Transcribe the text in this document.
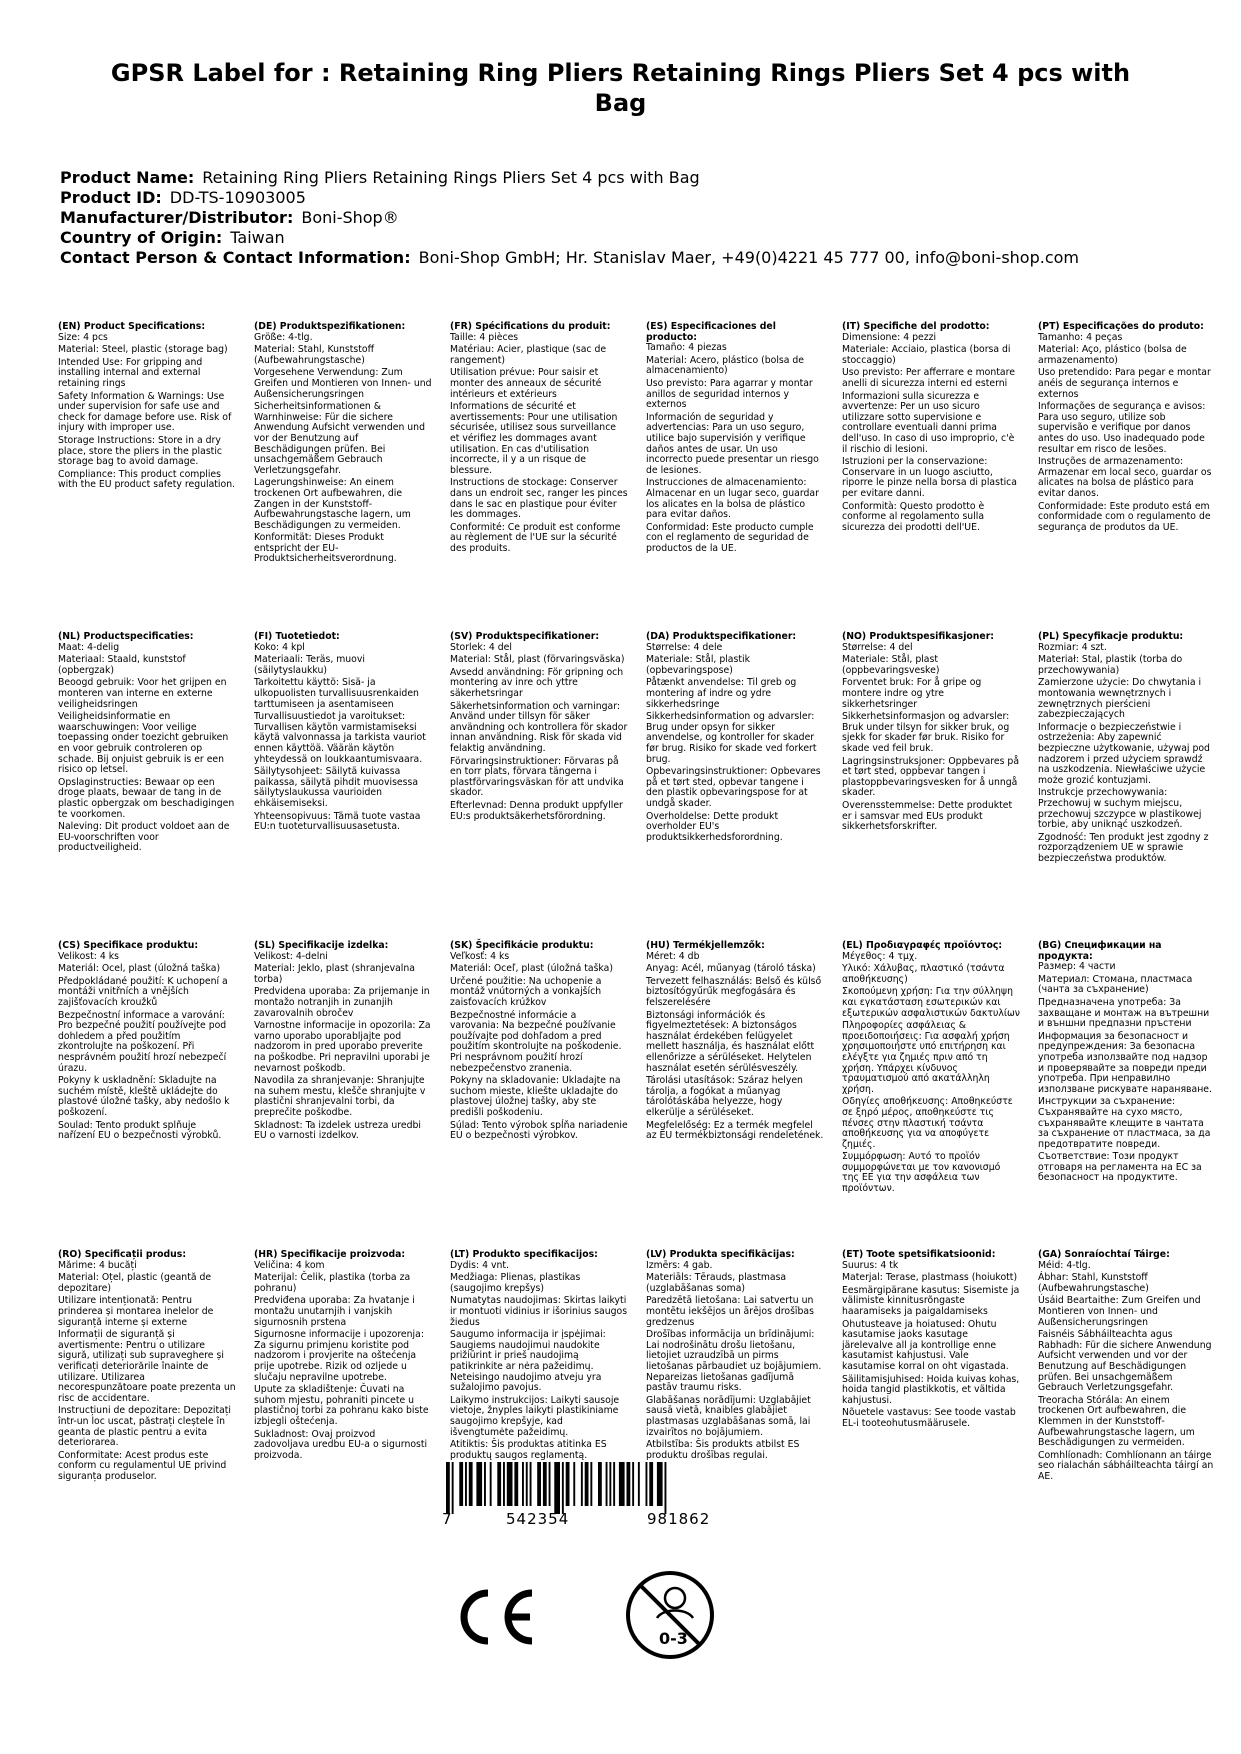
GPSR Label for : Retaining Ring Pliers Retaining Rings Pliers Set 4 pcs with Bag
Product Name: Retaining Ring Pliers Retaining Rings Pliers Set 4 pcs with Bag
Product ID: DD-TS-10903005
Manufacturer/Distributor: Boni-Shop®
Country of Origin: Taiwan
Contact Person & Contact Information: Boni-Shop GmbH; Hr. Stanislav Maer, +49(0)4221 45 777 00, info@boni-shop.com
(EN) Product Specifications:
Size: 4 pcs
Material: Steel, plastic (storage bag)
Intended Use: For gripping and installing internal and external retaining rings
Safety Information & Warnings: Use under supervision for safe use and check for damage before use. Risk of injury with improper use.
Storage Instructions: Store in a dry place, store the pliers in the plastic storage bag to avoid damage.
Compliance: This product complies with the EU product safety regulation.
(DE) Produktspezifikationen:
Größe: 4-tlg.
Material: Stahl, Kunststoff (Aufbewahrungstasche)
Vorgesehene Verwendung: Zum Greifen und Montieren von Innen- und Außensicherungsringen
Sicherheitsinformationen & Warnhinweise: Für die sichere Anwendung Aufsicht verwenden und vor der Benutzung auf Beschädigungen prüfen. Bei unsachgemäßem Gebrauch Verletzungsgefahr.
Lagerungshinweise: An einem trockenen Ort aufbewahren, die Zangen in der Kunststoff-Aufbewahrungstasche lagern, um Beschädigungen zu vermeiden.
Konformität: Dieses Produkt entspricht der EU-Produktsicherheitsverordnung.
(FR) Spécifications du produit:
Taille: 4 pièces
Matériau: Acier, plastique (sac de rangement)
Utilisation prévue: Pour saisir et monter des anneaux de sécurité intérieurs et extérieurs
Informations de sécurité et avertissements: Pour une utilisation sécurisée, utilisez sous surveillance et vérifiez les dommages avant utilisation. En cas d'utilisation incorrecte, il y a un risque de blessure.
Instructions de stockage: Conserver dans un endroit sec, ranger les pinces dans le sac en plastique pour éviter les dommages.
Conformité: Ce produit est conforme au règlement de l'UE sur la sécurité des produits.
(ES) Especificaciones del producto:
Tamaño: 4 piezas
Material: Acero, plástico (bolsa de almacenamiento)
Uso previsto: Para agarrar y montar anillos de seguridad internos y externos
Información de seguridad y advertencias: Para un uso seguro, utilice bajo supervisión y verifique daños antes de usar. Un uso incorrecto puede presentar un riesgo de lesiones.
Instrucciones de almacenamiento: Almacenar en un lugar seco, guardar los alicates en la bolsa de plástico para evitar daños.
Conformidad: Este producto cumple con el reglamento de seguridad de productos de la UE.
(IT) Specifiche del prodotto:
Dimensione: 4 pezzi
Materiale: Acciaio, plastica (borsa di stoccaggio)
Uso previsto: Per afferrare e montare anelli di sicurezza interni ed esterni
Informazioni sulla sicurezza e avvertenze: Per un uso sicuro utilizzare sotto supervisione e controllare eventuali danni prima dell'uso. In caso di uso improprio, c'è il rischio di lesioni.
Istruzioni per la conservazione: Conservare in un luogo asciutto, riporre le pinze nella borsa di plastica per evitare danni.
Conformità: Questo prodotto è conforme al regolamento sulla sicurezza dei prodotti dell'UE.
(PT) Especificações do produto:
Tamanho: 4 peças
Material: Aço, plástico (bolsa de armazenamento)
Uso pretendido: Para pegar e montar anéis de segurança internos e externos
Informações de segurança e avisos: Para uso seguro, utilize sob supervisão e verifique por danos antes do uso. Uso inadequado pode resultar em risco de lesões.
Instruções de armazenamento: Armazenar em local seco, guardar os alicates na bolsa de plástico para evitar danos.
Conformidade: Este produto está em conformidade com o regulamento de segurança de produtos da UE.
(NL) Productspecificaties:
Maat: 4-delig
Materiaal: Staald, kunststof (opbergzak)
Beoogd gebruik: Voor het grijpen en monteren van interne en externe veiligheidsringen
Veiligheidsinformatie en waarschuwingen: Voor veilige toepassing onder toezicht gebruiken en voor gebruik controleren op schade. Bij onjuist gebruik is er een risico op letsel.
Opslaginstructies: Bewaar op een droge plaats, bewaar de tang in de plastic opbergzak om beschadigingen te voorkomen.
Naleving: Dit product voldoet aan de EU-voorschriften voor productveiligheid.
(FI) Tuotetiedot:
Koko: 4 kpl
Materiaali: Teräs, muovi (säilytyslaukku)
Tarkoitettu käyttö: Sisä- ja ulkopuolisten turvallisuusrenkaiden tarttumiseen ja asentamiseen
Turvallisuustiedot ja varoitukset: Turvallisen käytön varmistamiseksi käytä valvonnassa ja tarkista vauriot ennen käyttöä. Väärän käytön yhteydessä on loukkaantumisvaara.
Säilytysohjeet: Säilytä kuivassa paikassa, säilytä pihdit muovisessa säilytyslaukussa vaurioiden ehkäisemiseksi.
Yhteensopivuus: Tämä tuote vastaa EU:n tuoteturvallisuusasetusta.
(SV) Produktspecifikationer:
Storlek: 4 del
Material: Stål, plast (förvaringsväska)
Avsedd användning: För gripning och montering av inre och yttre säkerhetsringar
Säkerhetsinformation och varningar: Använd under tillsyn för säker användning och kontrollera för skador innan användning. Risk för skada vid felaktig användning.
Förvaringsinstruktioner: Förvaras på en torr plats, förvara tängerna i plastförvaringsväskan för att undvika skador.
Efterlevnad: Denna produkt uppfyller EU:s produktsäkerhetsförordning.
(DA) Produktspecifikationer:
Størrelse: 4 dele
Materiale: Stål, plastik (opbevaringspose)
Påtænkt anvendelse: Til greb og montering af indre og ydre sikkerhedsringe
Sikkerhedsinformation og advarsler: Brug under opsyn for sikker anvendelse, og kontroller for skader før brug. Risiko for skade ved forkert brug.
Opbevaringsinstruktioner: Opbevares på et tørt sted, opbevar tangene i den plastik opbevaringspose for at undgå skader.
Overholdelse: Dette produkt overholder EU's produktsikkerhedsforordning.
(NO) Produktspesifikasjoner:
Størrelse: 4 del
Materiale: Stål, plast (oppbevaringsveske)
Forventet bruk: For å gripe og montere indre og ytre sikkerhetsringer
Sikkerhetsinformasjon og advarsler: Bruk under tilsyn for sikker bruk, og sjekk for skader før bruk. Risiko for skade ved feil bruk.
Lagringsinstruksjoner: Oppbevares på et tørt sted, oppbevar tangen i plastoppbevaringsvesken for å unngå skader.
Overensstemmelse: Dette produktet er i samsvar med EUs produkt sikkerhetsforskrifter.
(PL) Specyfikacje produktu:
Rozmiar: 4 szt.
Materiał: Stal, plastik (torba do przechowywania)
Zamierzone użycie: Do chwytania i montowania wewnętrznych i zewnętrznych pierścieni zabezpieczających
Informacje o bezpieczeństwie i ostrzeżenia: Aby zapewnić bezpieczne użytkowanie, używaj pod nadzorem i przed użyciem sprawdź na uszkodzenia. Niewłaściwe użycie może grozić kontuzjami.
Instrukcje przechowywania: Przechowuj w suchym miejscu, przechowuj szczypce w plastikowej torbie, aby uniknąć uszkodzeń.
Zgodność: Ten produkt jest zgodny z rozporządzeniem UE w sprawie bezpieczeństwa produktów.
(CS) Specifikace produktu:
Velikost: 4 ks
Materiál: Ocel, plast (úložná taška)
Předpokládané použití: K uchopení a montáži vnitřních a vnějších zajišťovacích kroužků
Bezpečnostní informace a varování: Pro bezpečné použití používejte pod dohledem a před použitím zkontrolujte na poškození. Při nesprávném použití hrozí nebezpečí úrazu.
Pokyny k uskladnění: Skladujte na suchém místě, kleště ukládejte do plastové úložné tašky, aby nedošlo k poškození.
Soulad: Tento produkt splňuje nařízení EU o bezpečnosti výrobků.
(SL) Specifikacije izdelka:
Velikost: 4-delni
Material: Jeklo, plast (shranjevalna torba)
Predvidena uporaba: Za prijemanje in montažo notranjih in zunanjih zavarovalnih obročev
Varnostne informacije in opozorila: Za varno uporabo uporabljajte pod nadzorom in pred uporabo preverite na poškodbe. Pri nepravilni uporabi je nevarnost poškodb.
Navodila za shranjevanje: Shranjujte na suhem mestu, klešče shranjujte v plastični shranjevalni torbi, da preprečite poškodbe.
Skladnost: Ta izdelek ustreza uredbi EU o varnosti izdelkov.
(SK) Špecifikácie produktu:
Veľkosť: 4 ks
Materiál: Oceľ, plast (úložná taška)
Určené použitie: Na uchopenie a montáž vnútorných a vonkajších zaisťovacích krúžkov
Bezpečnostné informácie a varovania: Na bezpečné používanie používajte pod dohľadom a pred použitím skontrolujte na poškodenie. Pri nesprávnom použití hrozí nebezpečenstvo zranenia.
Pokyny na skladovanie: Ukladajte na suchom mieste, kliešte ukladajte do plastovej úložnej tašky, aby ste predišli poškodeniu.
Súlad: Tento výrobok spĺňa nariadenie EÚ o bezpečnosti výrobkov.
(HU) Termékjellemzők:
Méret: 4 db
Anyag: Acél, műanyag (tároló táska)
Tervezett felhasználás: Belső és külső biztosítógyűrűk megfogására és felszerelésére
Biztonsági információk és figyelmeztetések: A biztonságos használat érdekében felügyelet mellett használja, és használat előtt ellenőrizze a sérüléseket. Helytelen használat esetén sérülésveszély.
Tárolási utasítások: Száraz helyen tárolja, a fogókat a műanyag tárolótáskába helyezze, hogy elkerülje a sérüléseket.
Megfelelőség: Ez a termék megfelel az EU termékbiztonsági rendeletének.
(EL) Προδιαγραφές προϊόντος:
Μέγεθος: 4 τμχ.
Υλικό: Χάλυβας, πλαστικό (τσάντα αποθήκευσης)
Σκοπούμενη χρήση: Για την σύλληψη και εγκατάσταση εσωτερικών και εξωτερικών ασφαλιστικών δακτυλίων
Πληροφορίες ασφάλειας & προειδοποιήσεις: Για ασφαλή χρήση χρησιμοποιήστε υπό επιτήρηση και ελέγξτε για ζημιές πριν από τη χρήση. Υπάρχει κίνδυνος τραυματισμού από ακατάλληλη χρήση.
Οδηγίες αποθήκευσης: Αποθηκεύστε σε ξηρό μέρος, αποθηκεύστε τις πένσες στην πλαστική τσάντα αποθήκευσης για να αποφύγετε ζημιές.
Συμμόρφωση: Αυτό το προϊόν συμμορφώνεται με τον κανονισμό της ΕΕ για την ασφάλεια των προϊόντων.
(BG) Спецификации на продукта:
Размер: 4 части
Материал: Стомана, пластмаса (чанта за съхранение)
Предназначена употреба: За захващане и монтаж на вътрешни и външни предпазни пръстени
Информация за безопасност и предупреждения: За безопасна употреба използвайте под надзор и проверявайте за повреди преди употреба. При неправилно използване рискувате нараняване.
Инструкции за съхранение: Съхранявайте на сухо място, съхранявайте клещите в чантата за съхранение от пластмаса, за да предотвратите повреди.
Съответствие: Този продукт отговаря на регламента на ЕС за безопасност на продуктите.
(RO) Specificații produs:
Mărime: 4 bucăți
Material: Oțel, plastic (geantă de depozitare)
Utilizare intenționată: Pentru prinderea și montarea inelelor de siguranță interne și externe
Informații de siguranță și avertismente: Pentru o utilizare sigură, utilizați sub supraveghere și verificați deteriorările înainte de utilizare. Utilizarea necorespunzătoare poate prezenta un risc de accidentare.
Instrucțiuni de depozitare: Depozitați într-un loc uscat, păstrați cleștele în geanta de plastic pentru a evita deteriorarea.
Conformitate: Acest produs este conform cu regulamentul UE privind siguranța produselor.
(HR) Specifikacije proizvoda:
Veličina: 4 kom
Materijal: Čelik, plastika (torba za pohranu)
Predviđena uporaba: Za hvatanje i montažu unutarnjih i vanjskih sigurnosnih prstena
Sigurnosne informacije i upozorenja: Za sigurnu primjenu koristite pod nadzorom i provjerite na oštećenja prije upotrebe. Rizik od ozljede u slučaju nepravilne upotrebe.
Upute za skladištenje: Čuvati na suhom mjestu, pohraniti pincete u plastičnoj torbi za pohranu kako biste izbjegli oštećenja.
Sukladnost: Ovaj proizvod zadovoljava uredbu EU-a o sigurnosti proizvoda.
(LT) Produkto specifikacijos:
Dydis: 4 vnt.
Medžiaga: Plienas, plastikas (saugojimo krepšys)
Numatytas naudojimas: Skirtas laikyti ir montuoti vidinius ir išorinius saugos žiedus
Saugumo informacija ir įspėjimai: Saugiems naudojimui naudokite prižiūrint ir prieš naudojimą patikrinkite ar nėra pažeidimų. Neteisingo naudojimo atveju yra sužalojimo pavojus.
Laikymo instrukcijos: Laikyti sausoje vietoje, žnyples laikyti plastikiniame saugojimo krepšyje, kad išvengtumėte pažeidimų.
Atitiktis: Šis produktas atitinka ES produktų saugos reglamentą.
(LV) Produkta specifikācijas:
Izmērs: 4 gab.
Materiāls: Tērauds, plastmasa (uzglabāšanas soma)
Paredzētā lietošana: Lai satvertu un montētu iekšējos un ārējos drošības gredzenus
Drošības informācija un brīdinājumi: Lai nodrošinātu drošu lietošanu, lietojiet uzraudzībā un pirms lietošanas pārbaudiet uz bojājumiem. Nepareizas lietošanas gadījumā pastāv traumu risks.
Glabāšanas norādījumi: Uzglabājiet sausā vietā, knaibles glabājiet plastmasas uzglabāšanas somā, lai izvairītos no bojājumiem.
Atbilstība: Šis produkts atbilst ES produktu drošības regulai.
(ET) Toote spetsifikatsioonid:
Suurus: 4 tk
Materjal: Terase, plastmass (hoiukott)
Eesmärgipärane kasutus: Sisemiste ja välimiste kinnitusrõngaste haaramiseks ja paigaldamiseks
Ohutusteave ja hoiatused: Ohutu kasutamise jaoks kasutage järelevalve all ja kontrollige enne kasutamist kahjustusi. Vale kasutamise korral on oht vigastada.
Säilitamisjuhised: Hoida kuivas kohas, hoida tangid plastikkotis, et vältida kahjustusi.
Nõuetele vastavus: See toode vastab EL-i tooteohutusmäärusele.
(GA) Sonraíochtaí Táirge:
Méid: 4-tlg.
Ábhar: Stahl, Kunststoff (Aufbewahrungstasche)
Úsáid Beartaithe: Zum Greifen und Montieren von Innen- und Außensicherungsringen
Faisnéis Sábháilteachta agus Rabhadh: Für die sichere Anwendung Aufsicht verwenden und vor der Benutzung auf Beschädigungen prüfen. Bei unsachgemäßem Gebrauch Verletzungsgefahr.
Treoracha Stórála: An einem trockenen Ort aufbewahren, die Klemmen in der Kunststoff-Aufbewahrungstasche lagern, um Beschädigungen zu vermeiden.
Comhlíonadh: Comhlíonann an táirge seo rialachán sábháilteachta táirgí an AE.
7	542354	981862
0-3
